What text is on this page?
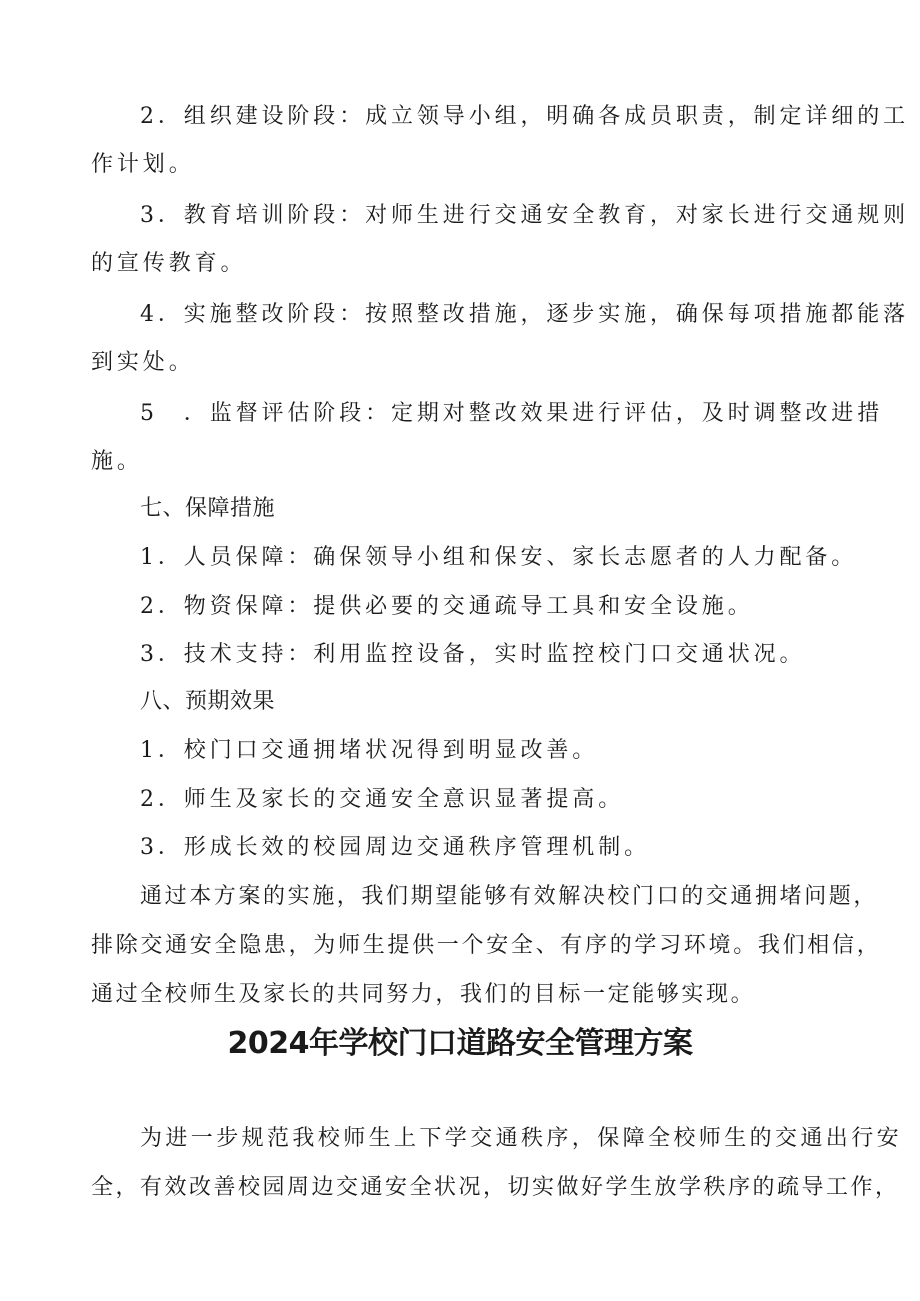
2．组织建设阶段：成立领导小组，明确各成员职责，制定详细的工
作计划。
3．教育培训阶段：对师生进行交通安全教育，对家长进行交通规则
的宣传教育。
4．实施整改阶段：按照整改措施，逐步实施，确保每项措施都能落
到实处。
5　．监督评估阶段：定期对整改效果进行评估，及时调整改进措
施。
七、保障措施
1．人员保障：确保领导小组和保安、家长志愿者的人力配备。
2．物资保障：提供必要的交通疏导工具和安全设施。
3．技术支持：利用监控设备，实时监控校门口交通状况。
八、预期效果
1．校门口交通拥堵状况得到明显改善。
2．师生及家长的交通安全意识显著提高。
3．形成长效的校园周边交通秩序管理机制。
通过本方案的实施，我们期望能够有效解决校门口的交通拥堵问题，
排除交通安全隐患，为师生提供一个安全、有序的学习环境。我们相信，
通过全校师生及家长的共同努力，我们的目标一定能够实现。
2024年学校门口道路安全管理方案
为进一步规范我校师生上下学交通秩序，保障全校师生的交通出行安
全，有效改善校园周边交通安全状况，切实做好学生放学秩序的疏导工作，
